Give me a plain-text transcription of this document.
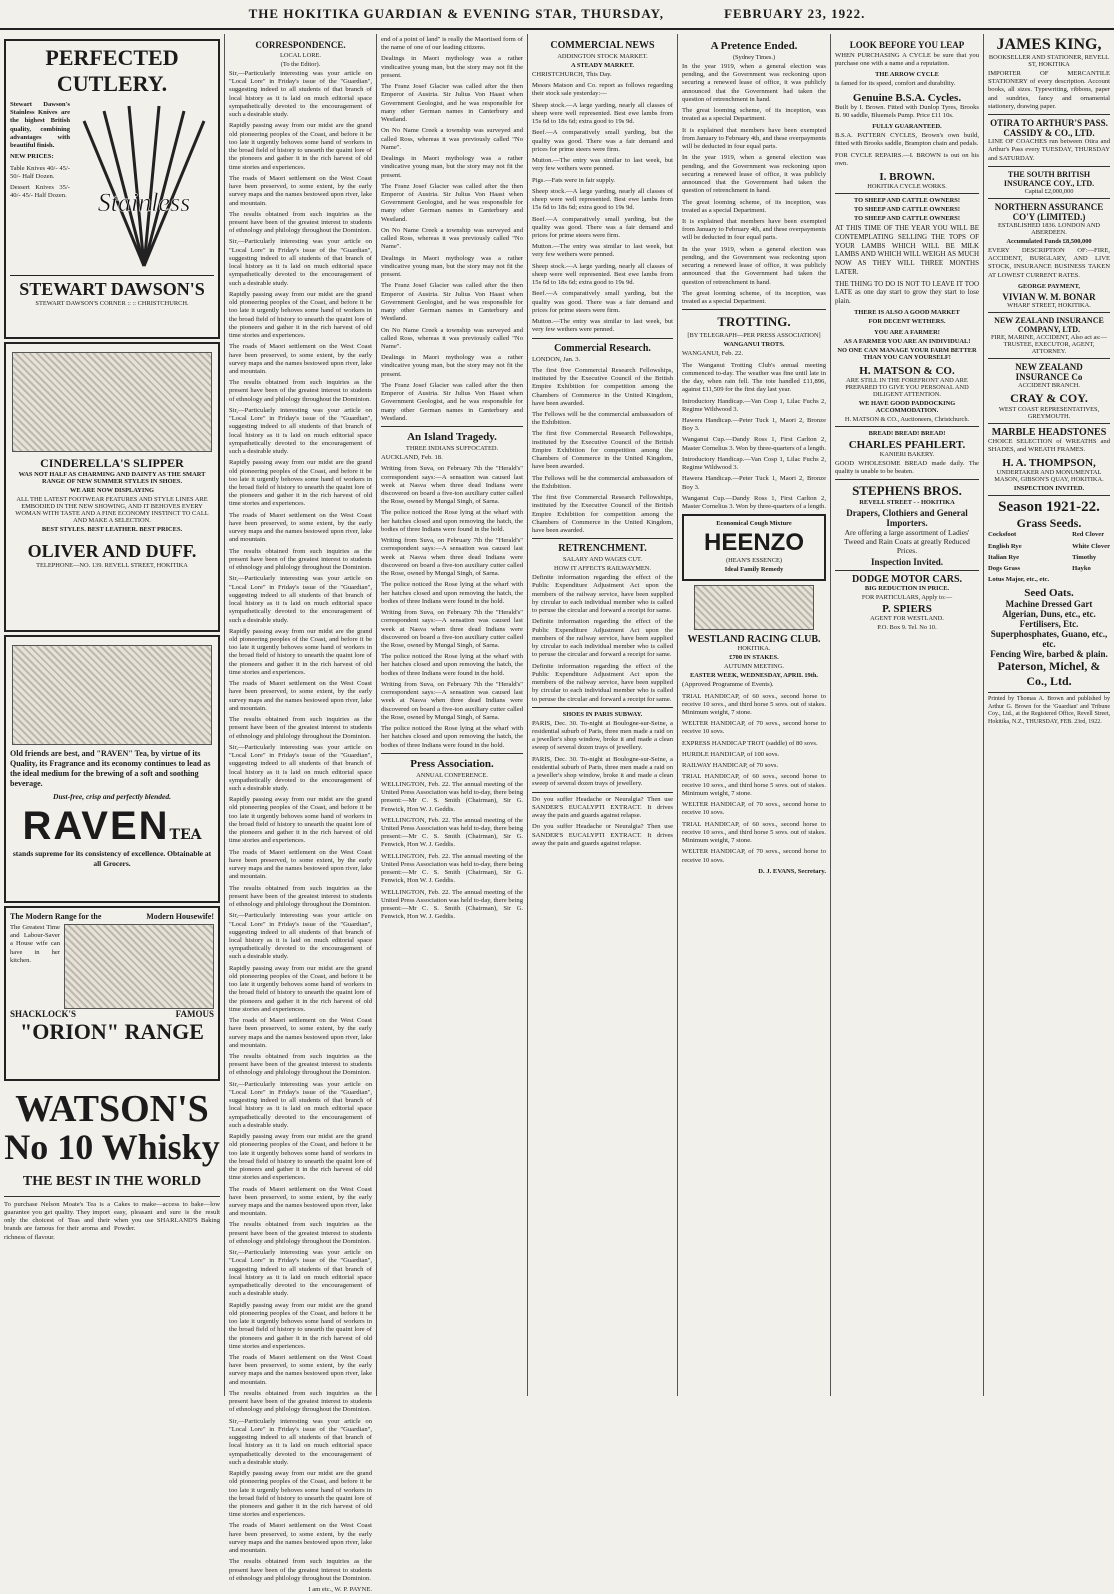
THE HOKITIKA GUARDIAN & EVENING STAR, THURSDAY,	FEBRUARY 23, 1922.
PERFECTED CUTLERY.

Stewart Dawson's Stainless Knives are the highest British quality, combining advantages with beautiful finish.

NEW PRICES:

Table Knives 40/- 45/- 50/- Half Dozen.

Dessert Knives 35/- 40/- 45/- Half Dozen. Stainless
STEWART DAWSON'S
STEWART DAWSON'S CORNER :: :: CHRISTCHURCH.
CINDERELLA'S SLIPPER
WAS NOT HALF AS CHARMING AND DAINTY AS THE SMART RANGE OF NEW SUMMER STYLES IN SHOES.
WE ARE NOW DISPLAYING
ALL THE LATEST FOOTWEAR FEATURES AND STYLE LINES ARE EMBODIED IN THE NEW SHOWING, AND IT BEHOVES EVERY WOMAN WITH TASTE AND A FINE ECONOMY INSTINCT TO CALL AND MAKE A SELECTION.
BEST STYLES. BEST LEATHER. BEST PRICES.
OLIVER AND DUFF.
TELEPHONE—NO. 139. REVELL STREET, HOKITIKA

Old friends are best, and "RAVEN" Tea, by virtue of its Quality, its Fragrance and its economy continues to lead as the ideal medium for the brewing of a soft and soothing beverage.

Dust-free, crisp and perfectly blended.

RAVENTEA

stands supreme for its consistency of excellence. Obtainable at all Grocers.

The Modern Range for the	Modern Housewife!

The Greatest Time and Labour-Saver a House wife can have in her kitchen.

SHACKLOCK'S	FAMOUS
"ORION" RANGE
WATSON'S
No 10 Whisky
THE BEST IN THE WORLD

To purchase Nelson Moate's Tea is a guarantee you get quality. They import only the choicest of Teas and their brands are famous for their aroma and richness of flavour.

Cakes to make—access to bake—low easy, pleasant and sure is the result when you use SHARLAND'S Baking Powder.

CORRESPONDENCE.
LOCAL LORE.
(To the Editor).

Sir,—Particularly interesting was your article on "Local Lore" in Friday's issue of the "Guardian", suggesting indeed to all students of that branch of local history as it is laid on much editorial space sympathetically devoted to the encouragement of such a desirable study.

Rapidly passing away from our midst are the grand old pioneering peoples of the Coast, and before it be too late it urgently behoves some hand of workers in the broad field of history to unearth the quaint lore of the pioneers and gather it in the rich harvest of old time stories and experiences.

The roads of Maori settlement on the West Coast have been preserved, to some extent, by the early survey maps and the names bestowed upon river, lake and mountain.

The results obtained from such inquiries as the present have been of the greatest interest to students of ethnology and philology throughout the Dominion.

Sir,—Particularly interesting was your article on "Local Lore" in Friday's issue of the "Guardian", suggesting indeed to all students of that branch of local history as it is laid on much editorial space sympathetically devoted to the encouragement of such a desirable study.

Rapidly passing away from our midst are the grand old pioneering peoples of the Coast, and before it be too late it urgently behoves some hand of workers in the broad field of history to unearth the quaint lore of the pioneers and gather it in the rich harvest of old time stories and experiences.

The roads of Maori settlement on the West Coast have been preserved, to some extent, by the early survey maps and the names bestowed upon river, lake and mountain.

The results obtained from such inquiries as the present have been of the greatest interest to students of ethnology and philology throughout the Dominion.

Sir,—Particularly interesting was your article on "Local Lore" in Friday's issue of the "Guardian", suggesting indeed to all students of that branch of local history as it is laid on much editorial space sympathetically devoted to the encouragement of such a desirable study.

Rapidly passing away from our midst are the grand old pioneering peoples of the Coast, and before it be too late it urgently behoves some hand of workers in the broad field of history to unearth the quaint lore of the pioneers and gather it in the rich harvest of old time stories and experiences.

The roads of Maori settlement on the West Coast have been preserved, to some extent, by the early survey maps and the names bestowed upon river, lake and mountain.

The results obtained from such inquiries as the present have been of the greatest interest to students of ethnology and philology throughout the Dominion.

Sir,—Particularly interesting was your article on "Local Lore" in Friday's issue of the "Guardian", suggesting indeed to all students of that branch of local history as it is laid on much editorial space sympathetically devoted to the encouragement of such a desirable study.

Rapidly passing away from our midst are the grand old pioneering peoples of the Coast, and before it be too late it urgently behoves some hand of workers in the broad field of history to unearth the quaint lore of the pioneers and gather it in the rich harvest of old time stories and experiences.

The roads of Maori settlement on the West Coast have been preserved, to some extent, by the early survey maps and the names bestowed upon river, lake and mountain.

The results obtained from such inquiries as the present have been of the greatest interest to students of ethnology and philology throughout the Dominion.

Sir,—Particularly interesting was your article on "Local Lore" in Friday's issue of the "Guardian", suggesting indeed to all students of that branch of local history as it is laid on much editorial space sympathetically devoted to the encouragement of such a desirable study.

Rapidly passing away from our midst are the grand old pioneering peoples of the Coast, and before it be too late it urgently behoves some hand of workers in the broad field of history to unearth the quaint lore of the pioneers and gather it in the rich harvest of old time stories and experiences.

The roads of Maori settlement on the West Coast have been preserved, to some extent, by the early survey maps and the names bestowed upon river, lake and mountain.

The results obtained from such inquiries as the present have been of the greatest interest to students of ethnology and philology throughout the Dominion.

Sir,—Particularly interesting was your article on "Local Lore" in Friday's issue of the "Guardian", suggesting indeed to all students of that branch of local history as it is laid on much editorial space sympathetically devoted to the encouragement of such a desirable study.

Rapidly passing away from our midst are the grand old pioneering peoples of the Coast, and before it be too late it urgently behoves some hand of workers in the broad field of history to unearth the quaint lore of the pioneers and gather it in the rich harvest of old time stories and experiences.

The roads of Maori settlement on the West Coast have been preserved, to some extent, by the early survey maps and the names bestowed upon river, lake and mountain.

The results obtained from such inquiries as the present have been of the greatest interest to students of ethnology and philology throughout the Dominion.

Sir,—Particularly interesting was your article on "Local Lore" in Friday's issue of the "Guardian", suggesting indeed to all students of that branch of local history as it is laid on much editorial space sympathetically devoted to the encouragement of such a desirable study.

Rapidly passing away from our midst are the grand old pioneering peoples of the Coast, and before it be too late it urgently behoves some hand of workers in the broad field of history to unearth the quaint lore of the pioneers and gather it in the rich harvest of old time stories and experiences.

The roads of Maori settlement on the West Coast have been preserved, to some extent, by the early survey maps and the names bestowed upon river, lake and mountain.

The results obtained from such inquiries as the present have been of the greatest interest to students of ethnology and philology throughout the Dominion.

Sir,—Particularly interesting was your article on "Local Lore" in Friday's issue of the "Guardian", suggesting indeed to all students of that branch of local history as it is laid on much editorial space sympathetically devoted to the encouragement of such a desirable study.

Rapidly passing away from our midst are the grand old pioneering peoples of the Coast, and before it be too late it urgently behoves some hand of workers in the broad field of history to unearth the quaint lore of the pioneers and gather it in the rich harvest of old time stories and experiences.

The roads of Maori settlement on the West Coast have been preserved, to some extent, by the early survey maps and the names bestowed upon river, lake and mountain.

The results obtained from such inquiries as the present have been of the greatest interest to students of ethnology and philology throughout the Dominion.

Sir,—Particularly interesting was your article on "Local Lore" in Friday's issue of the "Guardian", suggesting indeed to all students of that branch of local history as it is laid on much editorial space sympathetically devoted to the encouragement of such a desirable study.

Rapidly passing away from our midst are the grand old pioneering peoples of the Coast, and before it be too late it urgently behoves some hand of workers in the broad field of history to unearth the quaint lore of the pioneers and gather it in the rich harvest of old time stories and experiences.

The roads of Maori settlement on the West Coast have been preserved, to some extent, by the early survey maps and the names bestowed upon river, lake and mountain.

The results obtained from such inquiries as the present have been of the greatest interest to students of ethnology and philology throughout the Dominion.

I am etc., W. P. PAYNE.

end of a point of land" is really the Maoriised form of the name of one of our leading citizens.

Dealings in Maori mythology was a rather vindicative young man, but the story may not fit the present.

The Franz Josef Glacier was called after the then Emperor of Austria. Sir Julius Von Haast when Government Geologist, and he was responsible for many other German names in Canterbury and Westland.

On No Name Creek a township was surveyed and called Ross, whereas it was previously called "No Name".

Dealings in Maori mythology was a rather vindicative young man, but the story may not fit the present.

The Franz Josef Glacier was called after the then Emperor of Austria. Sir Julius Von Haast when Government Geologist, and he was responsible for many other German names in Canterbury and Westland.

On No Name Creek a township was surveyed and called Ross, whereas it was previously called "No Name".

Dealings in Maori mythology was a rather vindicative young man, but the story may not fit the present.

The Franz Josef Glacier was called after the then Emperor of Austria. Sir Julius Von Haast when Government Geologist, and he was responsible for many other German names in Canterbury and Westland.

On No Name Creek a township was surveyed and called Ross, whereas it was previously called "No Name".

Dealings in Maori mythology was a rather vindicative young man, but the story may not fit the present.

The Franz Josef Glacier was called after the then Emperor of Austria. Sir Julius Von Haast when Government Geologist, and he was responsible for many other German names in Canterbury and Westland.

An Island Tragedy.
THREE INDIANS SUFFOCATED.

AUCKLAND, Feb. 18.

Writing from Suva, on February 7th the "Herald's" correspondent says:—A sensation was caused last week at Nasva when three dead Indians were discovered on board a five-ton auxiliary cutter called the Rose, owned by Mungal Singh, of Sarna.

The police noticed the Rose lying at the wharf with her hatches closed and upon removing the hatch, the bodies of three Indians were found in the hold.

Writing from Suva, on February 7th the "Herald's" correspondent says:—A sensation was caused last week at Nasva when three dead Indians were discovered on board a five-ton auxiliary cutter called the Rose, owned by Mungal Singh, of Sarna.

The police noticed the Rose lying at the wharf with her hatches closed and upon removing the hatch, the bodies of three Indians were found in the hold.

Writing from Suva, on February 7th the "Herald's" correspondent says:—A sensation was caused last week at Nasva when three dead Indians were discovered on board a five-ton auxiliary cutter called the Rose, owned by Mungal Singh, of Sarna.

The police noticed the Rose lying at the wharf with her hatches closed and upon removing the hatch, the bodies of three Indians were found in the hold.

Writing from Suva, on February 7th the "Herald's" correspondent says:—A sensation was caused last week at Nasva when three dead Indians were discovered on board a five-ton auxiliary cutter called the Rose, owned by Mungal Singh, of Sarna.

The police noticed the Rose lying at the wharf with her hatches closed and upon removing the hatch, the bodies of three Indians were found in the hold.

Press Association.
ANNUAL CONFERENCE.

WELLINGTON, Feb. 22. The annual meeting of the United Press Association was held to-day, there being present:—Mr C. S. Smith (Chairman), Sir G. Fenwick, Hon W. J. Geddis.

WELLINGTON, Feb. 22. The annual meeting of the United Press Association was held to-day, there being present:—Mr C. S. Smith (Chairman), Sir G. Fenwick, Hon W. J. Geddis.

WELLINGTON, Feb. 22. The annual meeting of the United Press Association was held to-day, there being present:—Mr C. S. Smith (Chairman), Sir G. Fenwick, Hon W. J. Geddis.

WELLINGTON, Feb. 22. The annual meeting of the United Press Association was held to-day, there being present:—Mr C. S. Smith (Chairman), Sir G. Fenwick, Hon W. J. Geddis.

COMMERCIAL NEWS
ADDINGTON STOCK MARKET.
A STEADY MARKET.

CHRISTCHURCH, This Day.

Messrs Matson and Co. report as follows regarding their stock sale yesterday:—

Sheep stock.—A large yarding, nearly all classes of sheep were well represented. Best ewe lambs from 15s 6d to 18s 6d; extra good to 19s 9d.

Beef.—A comparatively small yarding, but the quality was good. There was a fair demand and prices for prime steers were firm.

Mutton.—The entry was similar to last week, but very few wethers were penned.

Pigs.—Fats were in fair supply.

Sheep stock.—A large yarding, nearly all classes of sheep were well represented. Best ewe lambs from 15s 6d to 18s 6d; extra good to 19s 9d.

Beef.—A comparatively small yarding, but the quality was good. There was a fair demand and prices for prime steers were firm.

Mutton.—The entry was similar to last week, but very few wethers were penned.

Sheep stock.—A large yarding, nearly all classes of sheep were well represented. Best ewe lambs from 15s 6d to 18s 6d; extra good to 19s 9d.

Beef.—A comparatively small yarding, but the quality was good. There was a fair demand and prices for prime steers were firm.

Mutton.—The entry was similar to last week, but very few wethers were penned.

Commercial Research.

LONDON, Jan. 3.

The first five Commercial Research Fellowships, instituted by the Executive Council of the British Empire Exhibition for competition among the Chambers of Commerce in the United Kingdom, have been awarded.

The Fellows will be the commercial ambassadors of the Exhibition.

The first five Commercial Research Fellowships, instituted by the Executive Council of the British Empire Exhibition for competition among the Chambers of Commerce in the United Kingdom, have been awarded.

The Fellows will be the commercial ambassadors of the Exhibition.

The first five Commercial Research Fellowships, instituted by the Executive Council of the British Empire Exhibition for competition among the Chambers of Commerce in the United Kingdom, have been awarded.

RETRENCHMENT.
SALARY AND WAGES CUT.
HOW IT AFFECTS RAILWAYMEN.

Definite information regarding the effect of the Public Expenditure Adjustment Act upon the members of the railway service, have been supplied by circular to each individual member who is called to peruse the circular and forward a receipt for same.

Definite information regarding the effect of the Public Expenditure Adjustment Act upon the members of the railway service, have been supplied by circular to each individual member who is called to peruse the circular and forward a receipt for same.

Definite information regarding the effect of the Public Expenditure Adjustment Act upon the members of the railway service, have been supplied by circular to each individual member who is called to peruse the circular and forward a receipt for same.

SHOES IN PARIS SUBWAY.

PARIS, Dec. 30. To-night at Boulogne-sur-Seine, a residential suburb of Paris, three men made a raid on a jeweller's shop window, broke it and made a clean sweep of several dozen trays of jewellery.

PARIS, Dec. 30. To-night at Boulogne-sur-Seine, a residential suburb of Paris, three men made a raid on a jeweller's shop window, broke it and made a clean sweep of several dozen trays of jewellery.

Do you suffer Headache or Neuralgia? Then use SANDER'S EUCALYPTI EXTRACT. It drives away the pain and guards against relapse.

Do you suffer Headache or Neuralgia? Then use SANDER'S EUCALYPTI EXTRACT. It drives away the pain and guards against relapse.

A Pretence Ended.
(Sydney Times.)

In the year 1919, when a general election was pending, and the Government was reckoning upon securing a renewed lease of office, it was publicly announced that the Government had taken the question of retrenchment in hand.

The great looming scheme, of its inception, was treated as a special Department.

It is explained that members have been exempted from January to February 4th, and these overpayments will be deducted in four equal parts.

In the year 1919, when a general election was pending, and the Government was reckoning upon securing a renewed lease of office, it was publicly announced that the Government had taken the question of retrenchment in hand.

The great looming scheme, of its inception, was treated as a special Department.

It is explained that members have been exempted from January to February 4th, and these overpayments will be deducted in four equal parts.

In the year 1919, when a general election was pending, and the Government was reckoning upon securing a renewed lease of office, it was publicly announced that the Government had taken the question of retrenchment in hand.

The great looming scheme, of its inception, was treated as a special Department.

TROTTING.
[BY TELEGRAPH—PER PRESS ASSOCIATION]
WANGANUI TROTS.

WANGANUI, Feb. 22.

The Wanganui Trotting Club's annual meeting commenced to-day. The weather was fine until late in the day, when rain fell. The tote handled £11,896, against £11,509 for the first day last year.

Introductory Handicap.—Van Cosp 1, Lilac Fuchs 2, Regime Wildwood 3.

Hawera Handicap.—Peter Tuck 1, Maori 2, Bronze Boy 3.

Wanganui Cup.—Dandy Ross 1, First Carlton 2, Master Cornelius 3. Won by three-quarters of a length.

Introductory Handicap.—Van Cosp 1, Lilac Fuchs 2, Regime Wildwood 3.

Hawera Handicap.—Peter Tuck 1, Maori 2, Bronze Boy 3.

Wanganui Cup.—Dandy Ross 1, First Carlton 2, Master Cornelius 3. Won by three-quarters of a length.

Economical Cough Mixture
HEENZO
(HEAN'S ESSENCE)
Ideal Family Remedy
WESTLAND RACING CLUB.
HOKITIKA.
£700 IN STAKES.
AUTUMN MEETING.
EASTER WEEK, WEDNESDAY, APRIL 19th.

(Approved Programme of Events).

TRIAL HANDICAP, of 60 sovs., second horse to receive 10 sovs., and third horse 5 sovs. out of stakes. Minimum weight, 7 stone.

WELTER HANDICAP, of 70 sovs., second horse to receive 10 sovs.

EXPRESS HANDICAP TROT (saddle) of 80 sovs.

HURDLE HANDICAP, of 100 sovs.

RAILWAY HANDICAP, of 70 sovs.

TRIAL HANDICAP, of 60 sovs., second horse to receive 10 sovs., and third horse 5 sovs. out of stakes. Minimum weight, 7 stone.

WELTER HANDICAP, of 70 sovs., second horse to receive 10 sovs.

TRIAL HANDICAP, of 60 sovs., second horse to receive 10 sovs., and third horse 5 sovs. out of stakes. Minimum weight, 7 stone.

WELTER HANDICAP, of 70 sovs., second horse to receive 10 sovs.

D. J. EVANS, Secretary.

LOOK BEFORE YOU LEAP

WHEN PURCHASING A CYCLE be sure that you purchase one with a name and a reputation.

THE ARROW CYCLE

is famed for its speed, comfort and durability.

Genuine B.S.A. Cycles.

Built by I. Brown. Fitted with Dunlop Tyres, Brooks B. 90 saddle, Bluemels Pump. Price £11 10s.

FULLY GUARANTEED.

B.S.A. PATTERN CYCLES, Brown's own build, fitted with Brooks saddle, Brampton chain and pedals.

FOR CYCLE REPAIRS.—I. BROWN is out on his own.

I. BROWN.
HOKITIKA CYCLE WORKS.
TO SHEEP AND CATTLE OWNERS!
TO SHEEP AND CATTLE OWNERS!
TO SHEEP AND CATTLE OWNERS!

AT THIS TIME OF THE YEAR YOU WILL BE CONTEMPLATING SELLING THE TOPS OF YOUR LAMBS WHICH WILL BE MILK LAMBS AND WHICH WILL WEIGH AS MUCH NOW AS THEY WILL THREE MONTHS LATER.

THE THING TO DO IS NOT TO LEAVE IT TOO LATE as one day start to grow they start to lose plain.

THERE IS ALSO A GOOD MARKET
FOR DECENT WETHERS.
YOU ARE A FARMER!
AS A FARMER YOU ARE AN INDIVIDUAL!
NO ONE CAN MANAGE YOUR FARM BETTER THAN YOU CAN YOURSELF!
H. MATSON & CO.
ARE STILL IN THE FOREFRONT AND ARE PREPARED TO GIVE YOU PERSONAL AND DILIGENT ATTENTION.
WE HAVE GOOD PADDOCKING ACCOMMODATION.
H. MATSON & CO., Auctioneers, Christchurch.
BREAD! BREAD! BREAD!
CHARLES PFAHLERT.
KANIERI BAKERY.

GOOD WHOLESOME BREAD made daily. The quality is unable to be beaten.

STEPHENS BROS.
REVELL STREET - - HOKITIKA
Drapers, Clothiers and General Importers.
Are offering a large assortment of Ladies' Tweed and Rain Coats at greatly Reduced Prices.
Inspection Invited.
DODGE MOTOR CARS.
BIG REDUCTION IN PRICE.
FOR PARTICULARS, Apply to:—
P. SPIERS
AGENT FOR WESTLAND.
P.O. Box 9. Tel. No 10.
JAMES KING,
BOOKSELLER AND STATIONER, REVELL ST, HOKITIKA

IMPORTER OF MERCANTILE STATIONERY of every description. Account books, all sizes. Typewriting, ribbons, paper and sundries, fancy and ornamental stationery, drawing paper.

OTIRA TO ARTHUR'S PASS. CASSIDY & CO., LTD.

LINE OF COACHES run between Otira and Arthur's Pass every TUESDAY, THURSDAY and SATURDAY.

THE SOUTH BRITISH INSURANCE COY., LTD.
Capital £2,000,000
NORTHERN ASSURANCE CO'Y (LIMITED.)
ESTABLISHED 1836. LONDON AND ABERDEEN.
Accumulated Funds £8,500,000

EVERY DESCRIPTION OF:—FIRE, ACCIDENT, BURGLARY, AND LIVE STOCK, INSURANCE BUSINESS TAKEN AT LOWEST CURRENT RATES.

GEORGE PAYMENT,
VIVIAN W. M. BONAR
WHARF STREET, HOKITIKA.
NEW ZEALAND INSURANCE COMPANY, LTD.
FIRE, MARINE, ACCIDENT, Also act as:— TRUSTEE, EXECUTOR, AGENT, ATTORNEY.
NEW ZEALAND INSURANCE Co
ACCIDENT BRANCH.
CRAY & COY.
WEST COAST REPRESENTATIVES, GREYMOUTH.
MARBLE HEADSTONES

CHOICE SELECTION of WREATHS and SHADES, and WREATH FRAMES.

H. A. THOMPSON,
UNDERTAKER AND MONUMENTAL MASON, GIBSON'S QUAY, HOKITIKA.
INSPECTION INVITED.
Season 1921-22.
Grass Seeds.
Cocksfoot
English Rye
Italian Rye
Dogs Grass
Red Clover
White Clover
Timothy
Hayko
Lotus Major, etc., etc.
Seed Oats.
Machine Dressed Gart Algerian, Duns, etc., etc. Fertilisers, Etc.
Superphosphates, Guano, etc., etc.
Fencing Wire, barbed & plain.
Paterson, Michel, & Co., Ltd.

Printed by Thomas A. Brown and published by Arthur G. Brown for the 'Guardian' and Tribune Coy., Ltd., at the Registered Office, Revell Street, Hokitika, N.Z., THURSDAY, FEB. 23rd, 1922.
